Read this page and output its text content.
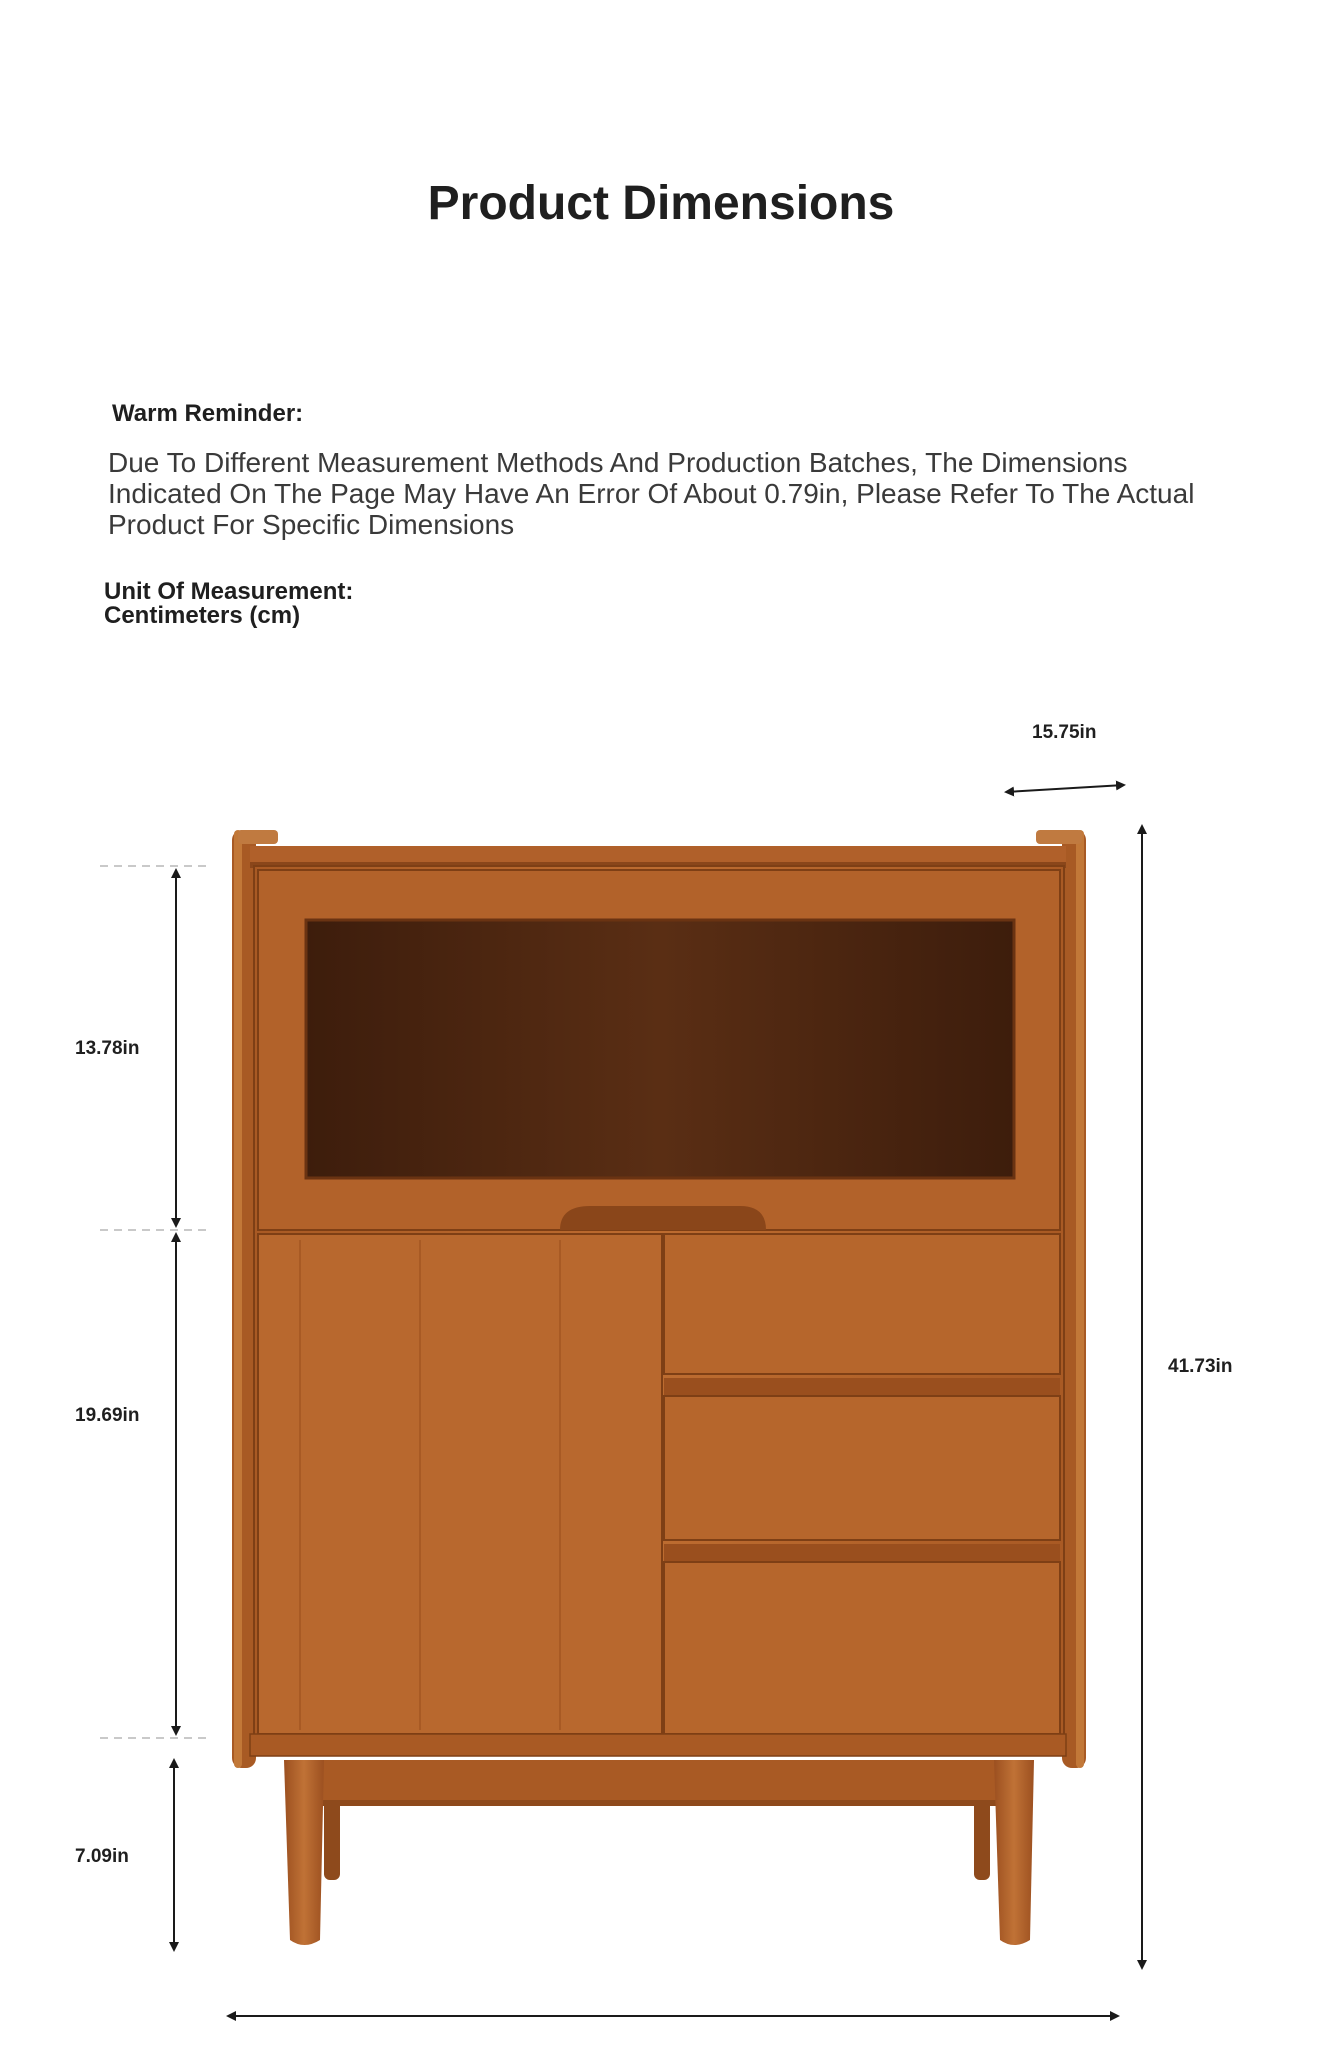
Product Dimensions
Warm Reminder:
Due To Different Measurement Methods And Production Batches, The Dimensions Indicated On The Page May Have An Error Of About 0.79in, Please Refer To The Actual Product For Specific Dimensions
Unit Of Measurement:
Centimeters (cm)
15.75in
13.78in
19.69in
41.73in
7.09in
